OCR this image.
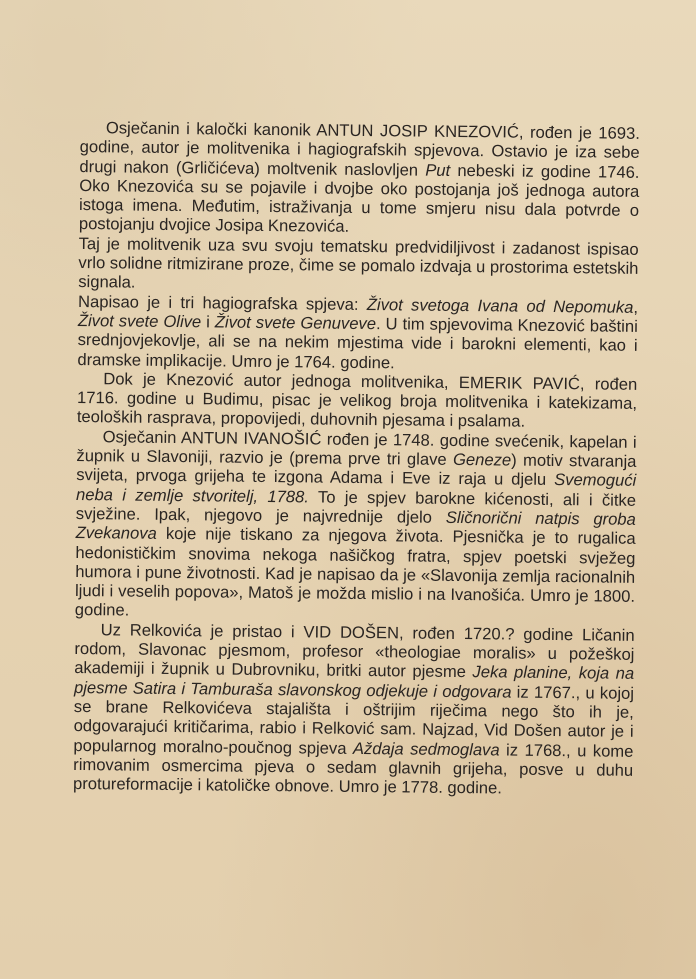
Osječanin i kaločki kanonik ANTUN JOSIP KNEZOVIĆ, rođen je 1693. godine, autor je molitvenika i hagiografskih spjevova. Ostavio je iza sebe drugi nakon (Grličićeva) moltvenik naslovljen Put nebeski iz godine 1746. Oko Knezovića su se pojavile i dvojbe oko postojanja još jednoga autora istoga imena. Međutim, istraživanja u tome smjeru nisu dala potvrde o postojanju dvojice Josipa Knezovića.

Taj je molitvenik uza svu svoju tematsku predvidiljivost i zadanost ispisao vrlo solidne ritmizirane proze, čime se pomalo izdvaja u prostorima estetskih signala.

Napisao je i tri hagiografska spjeva: Život svetoga Ivana od Nepomuka, Život svete Olive i Život svete Genuveve. U tim spjevovima Knezović baštini srednjovjekovlje, ali se na nekim mjestima vide i barokni elementi, kao i dramske implikacije. Umro je 1764. godine.

Dok je Knezović autor jednoga molitvenika, EMERIK PAVIĆ, rođen 1716. godine u Budimu, pisac je velikog broja molitvenika i katekizama, teoloških rasprava, propovijedi, duhovnih pjesama i psalama.

Osječanin ANTUN IVANOŠIĆ rođen je 1748. godine svećenik, kapelan i župnik u Slavoniji, razvio je (prema prve tri glave Geneze) motiv stvaranja svijeta, prvoga grijeha te izgona Adama i Eve iz raja u djelu Svemogući neba i zemlje stvoritelj, 1788. To je spjev barokne kićenosti, ali i čitke svježine. Ipak, njegovo je najvrednije djelo Sličnorični natpis groba Zvekanova koje nije tiskano za njegova života. Pjesnička je to rugalica hedonističkim snovima nekoga našičkog fratra, spjev poetski svježeg humora i pune životnosti. Kad je napisao da je «Slavonija zemlja racionalnih ljudi i veselih popova», Matoš je možda mislio i na Ivanošića. Umro je 1800. godine.

Uz Relkovića je pristao i VID DOŠEN, rođen 1720.? godine Ličanin rodom, Slavonac pjesmom, profesor «theologiae moralis» u požeškoj akademiji i župnik u Dubrovniku, britki autor pjesme Jeka planine, koja na pjesme Satira i Tamburaša slavonskog odjekuje i odgovara iz 1767., u kojoj se brane Relkovićeva stajališta i oštrijim riječima nego što ih je, odgovarajući kritičarima, rabio i Relković sam. Najzad, Vid Došen autor je i popularnog moralno-poučnog spjeva Aždaja sedmoglava iz 1768., u kome rimovanim osmercima pjeva o sedam glavnih grijeha, posve u duhu protureformacije i katoličke obnove. Umro je 1778. godine.
